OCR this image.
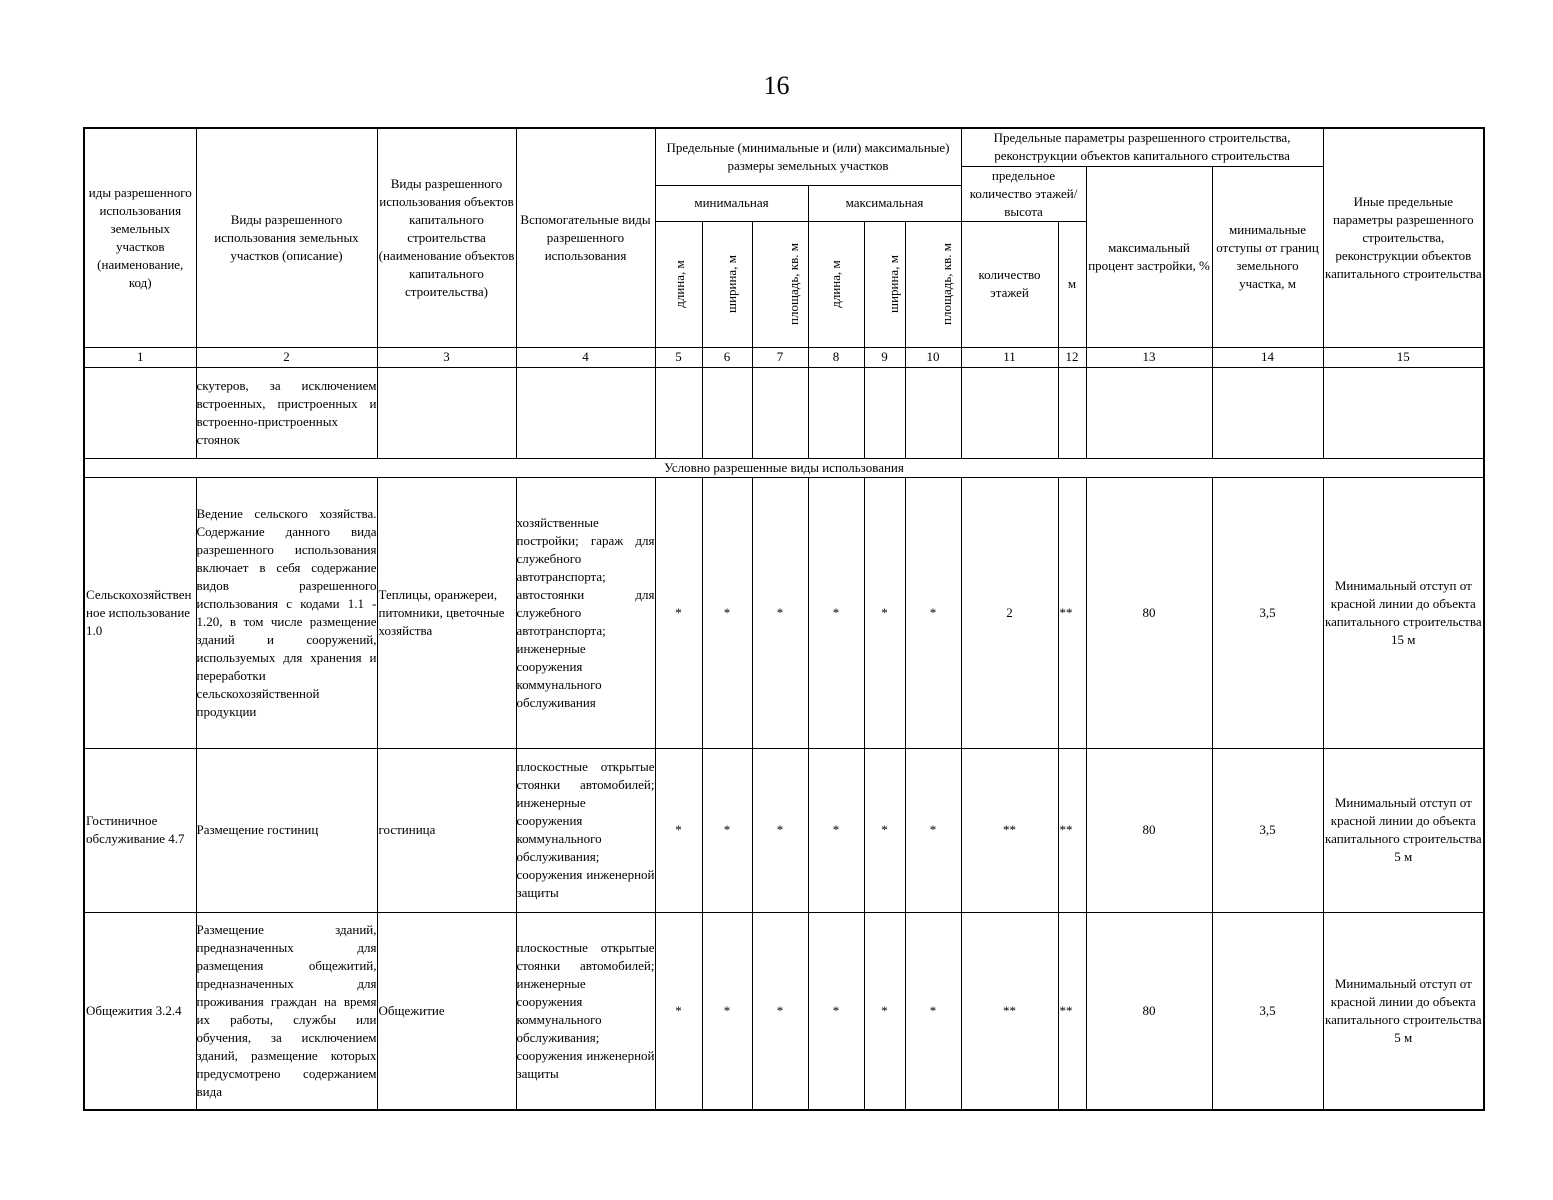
16
иды разрешенного использования земельных участков (наименование, код)	Виды разрешенного использования земельных участков (описание)	Виды разрешенного использования объектов капитального строительства (наименование объектов капитального строительства)	Вспомогательные виды разрешенного использования	Предельные (минимальные и (или) максимальные) размеры земельных участков						Предельные параметры разрешенного строительства, реконструкции объектов капитального строительства				Иные предельные параметры разрешенного строительства, реконструкции объектов капитального строительства
										предельное количество этажей/высота		максимальный процент застройки, %	минимальные отступы от границ земельного участка, м	
				минимальная			максимальная							
				длина, м	ширина, м	площадь, кв. м	длина, м	ширина, м	площадь, кв. м	количество этажей	м			
1	2	3	4	5	6	7	8	9	10	11	12	13	14	15
	скутеров, за исключением встроенных, пристроенных и встроенно-пристроенных стоянок													
Условно разрешенные виды использования														
Сельскохозяйственное использование 1.0	Ведение сельского хозяйства. Содержание данного вида разрешенного использования включает в себя содержание видов разрешенного использования с кодами 1.1 - 1.20, в том числе размещение зданий и сооружений, используемых для хранения и переработки сельскохозяйственной продукции	Теплицы, оранжереи, питомники, цветочные хозяйства	хозяйственные постройки; гараж для служебного автотранспорта; автостоянки для служебного автотранспорта; инженерные сооружения коммунального обслуживания	*	*	*	*	*	*	2	**	80	3,5	Минимальный отступ от красной линии до объекта капитального строительства 15 м
Гостиничное обслуживание 4.7	Размещение гостиниц	гостиница	плоскостные открытые стоянки автомобилей; инженерные сооружения коммунального обслуживания; сооружения инженерной защиты	*	*	*	*	*	*	**	**	80	3,5	Минимальный отступ от красной линии до объекта капитального строительства 5 м
Общежития 3.2.4	Размещение зданий, предназначенных для размещения общежитий, предназначенных для проживания граждан на время их работы, службы или обучения, за исключением зданий, размещение которых предусмотрено содержанием вида	Общежитие	плоскостные открытые стоянки автомобилей; инженерные сооружения коммунального обслуживания; сооружения инженерной защиты	*	*	*	*	*	*	**	**	80	3,5	Минимальный отступ от красной линии до объекта капитального строительства 5 м
